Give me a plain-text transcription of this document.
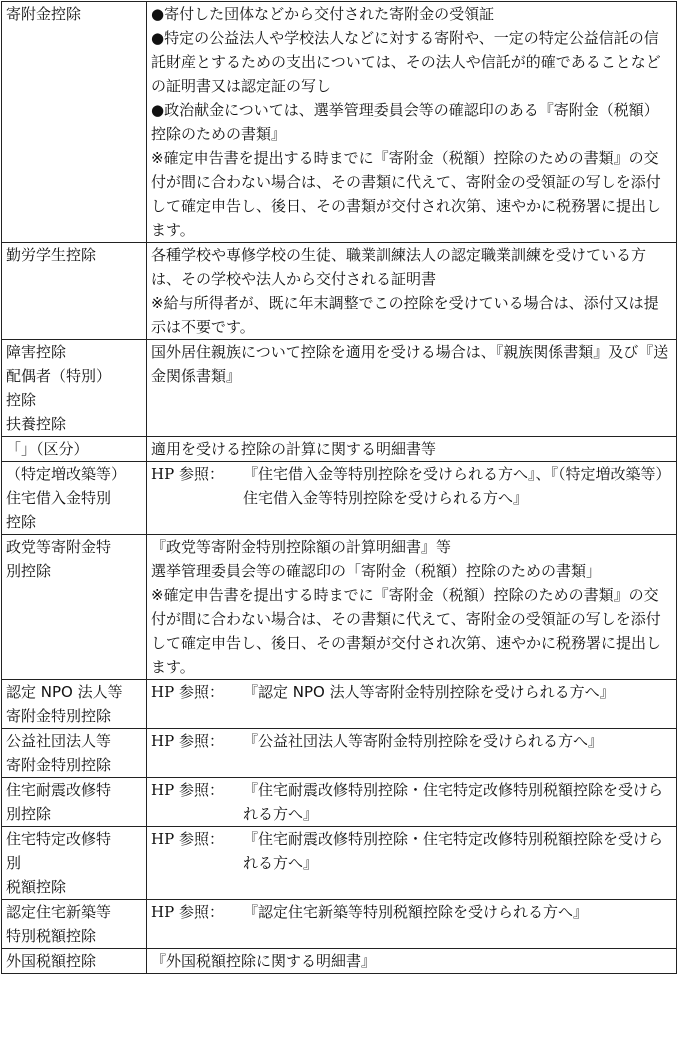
寄附金控除	●寄付した団体などから交付された寄附金の受領証
●特定の公益法人や学校法人などに対する寄附や、一定の特定公益信託の信託財産とするための支出については、その法人や信託が的確であることなどの証明書又は認定証の写し
●政治献金については、選挙管理委員会等の確認印のある『寄附金（税額）控除のための書類』
※確定申告書を提出する時までに『寄附金（税額）控除のための書類』の交付が間に合わない場合は、その書類に代えて、寄附金の受領証の写しを添付して確定申告し、後日、その書類が交付され次第、速やかに税務署に提出します。

勤労学生控除	各種学校や専修学校の生徒、職業訓練法人の認定職業訓練を受けている方は、その学校や法人から交付される証明書
※給与所得者が、既に年末調整でこの控除を受けている場合は、添付又は提示は不要です。

障害控除
配偶者（特別）
控除
扶養控除	国外居住親族について控除を適用を受ける場合は、『親族関係書類』及び『送金関係書類』

「」（区分）	適用を受ける控除の計算に関する明細書等

（特定増改築等）
住宅借入金特別
控除	HP 参照： 『住宅借入金等特別控除を受けられる方へ』、『（特定増改築等）住宅借入金等特別控除を受けられる方へ』

政党等寄附金特
別控除	『政党等寄附金特別控除額の計算明細書』等
選挙管理委員会等の確認印の「寄附金（税額）控除のための書類」
※確定申告書を提出する時までに『寄附金（税額）控除のための書類』の交付が間に合わない場合は、その書類に代えて、寄附金の受領証の写しを添付して確定申告し、後日、その書類が交付され次第、速やかに税務署に提出します。

認定 NPO 法人等
寄附金特別控除	HP 参照： 『認定 NPO 法人等寄附金特別控除を受けられる方へ』

公益社団法人等
寄附金特別控除	HP 参照： 『公益社団法人等寄附金特別控除を受けられる方へ』

住宅耐震改修特
別控除	HP 参照： 『住宅耐震改修特別控除・住宅特定改修特別税額控除を受けられる方へ』

住宅特定改修特
別
税額控除	HP 参照： 『住宅耐震改修特別控除・住宅特定改修特別税額控除を受けられる方へ』

認定住宅新築等
特別税額控除	HP 参照： 『認定住宅新築等特別税額控除を受けられる方へ』

外国税額控除	『外国税額控除に関する明細書』
